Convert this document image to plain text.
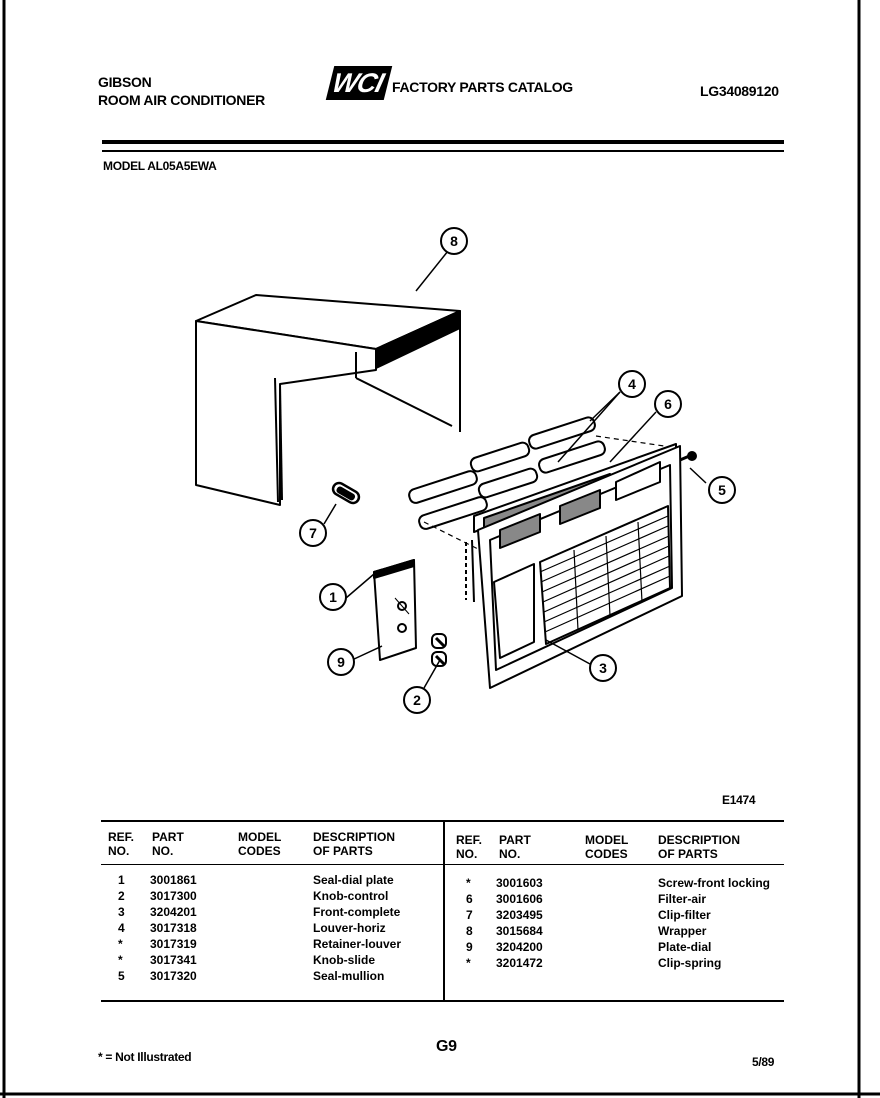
GIBSON
ROOM AIR CONDITIONER
WCI FACTORY PARTS CATALOG	LG34089120
MODEL AL05A5EWA
8
4
6
5
7
1
9
2
3
E1474
REF.
NO.
PART
NO.
MODEL
CODES
DESCRIPTION
OF PARTS
REF.
NO.
PART
NO.
MODEL
CODES
DESCRIPTION
OF PARTS
1 3001861	Seal-dial plate
2 3017300	Knob-control
3 3204201	Front-complete
4 3017318	Louver-horiz
* 3017319	Retainer-louver
* 3017341	Knob-slide
5 3017320	Seal-mullion
* 3001603	Screw-front locking
6 3001606	Filter-air
7 3203495	Clip-filter
8 3015684	Wrapper
9 3204200	Plate-dial
* 3201472	Clip-spring
* = Not Illustrated
G9
5/89
